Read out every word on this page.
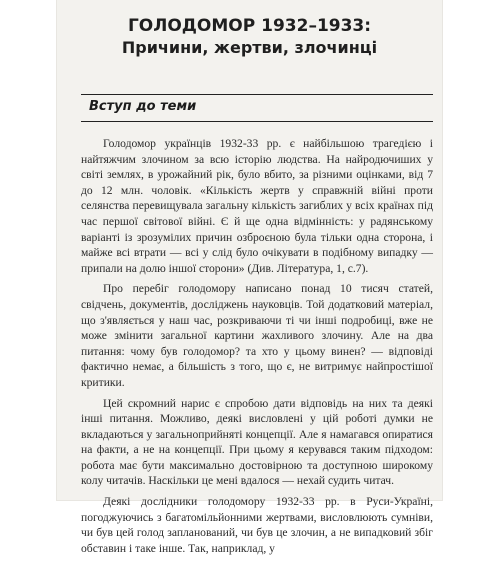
ГОЛОДОМОР 1932–1933:
Причини, жертви, злочинці
Вступ до теми

Голодомор українців 1932-33 рр. є найбільшою трагедією і найтяжчим злочином за всю історію людства. На найродючиших у світі землях, в урожайний рік, було вбито, за різними оцінками, від 7 до 12 млн. чоловік. «Кількість жертв у справжній війні проти селянства перевищувала загальну кількість загиблих у всіх країнах під час першої світової війні. Є й ще одна відмінність: у радянському варіанті із зрозумілих причин озброєною була тільки одна сторона, і майже всі втрати — всі у слід було очікувати в подібному випадку — припали на долю іншої сторони» (Див. Література, 1, с.7).

Про перебіг голодомору написано понад 10 тисяч статей, свідчень, документів, досліджень науковців. Той додатковий матеріал, що з'являється у наш час, розкриваючи ті чи інші подробиці, вже не може змінити загальної картини жахливого злочину. Але на два питання: чому був голодомор? та хто у цьому винен? — відповіді фактично немає, а більшість з того, що є, не витримує найпростішої критики.

Цей скромний нарис є спробою дати відповідь на них та деякі інші питання. Можливо, деякі висловлені у цій роботі думки не вкладаються у загальноприйняті концепції. Але я намагався опиратися на факти, а не на концепції. При цьому я керувався таким підходом: робота має бути максимально достовірною та доступною широкому колу читачів. Наскільки це мені вдалося — нехай судить читач.

Деякі дослідники голодомору 1932-33 рр. в Руси-Україні, погоджуючись з багатомільйонними жертвами, висловлюють сумніви, чи був цей голод запланований, чи був це злочин, а не випадковий збіг обставин і таке інше. Так, наприклад, у
